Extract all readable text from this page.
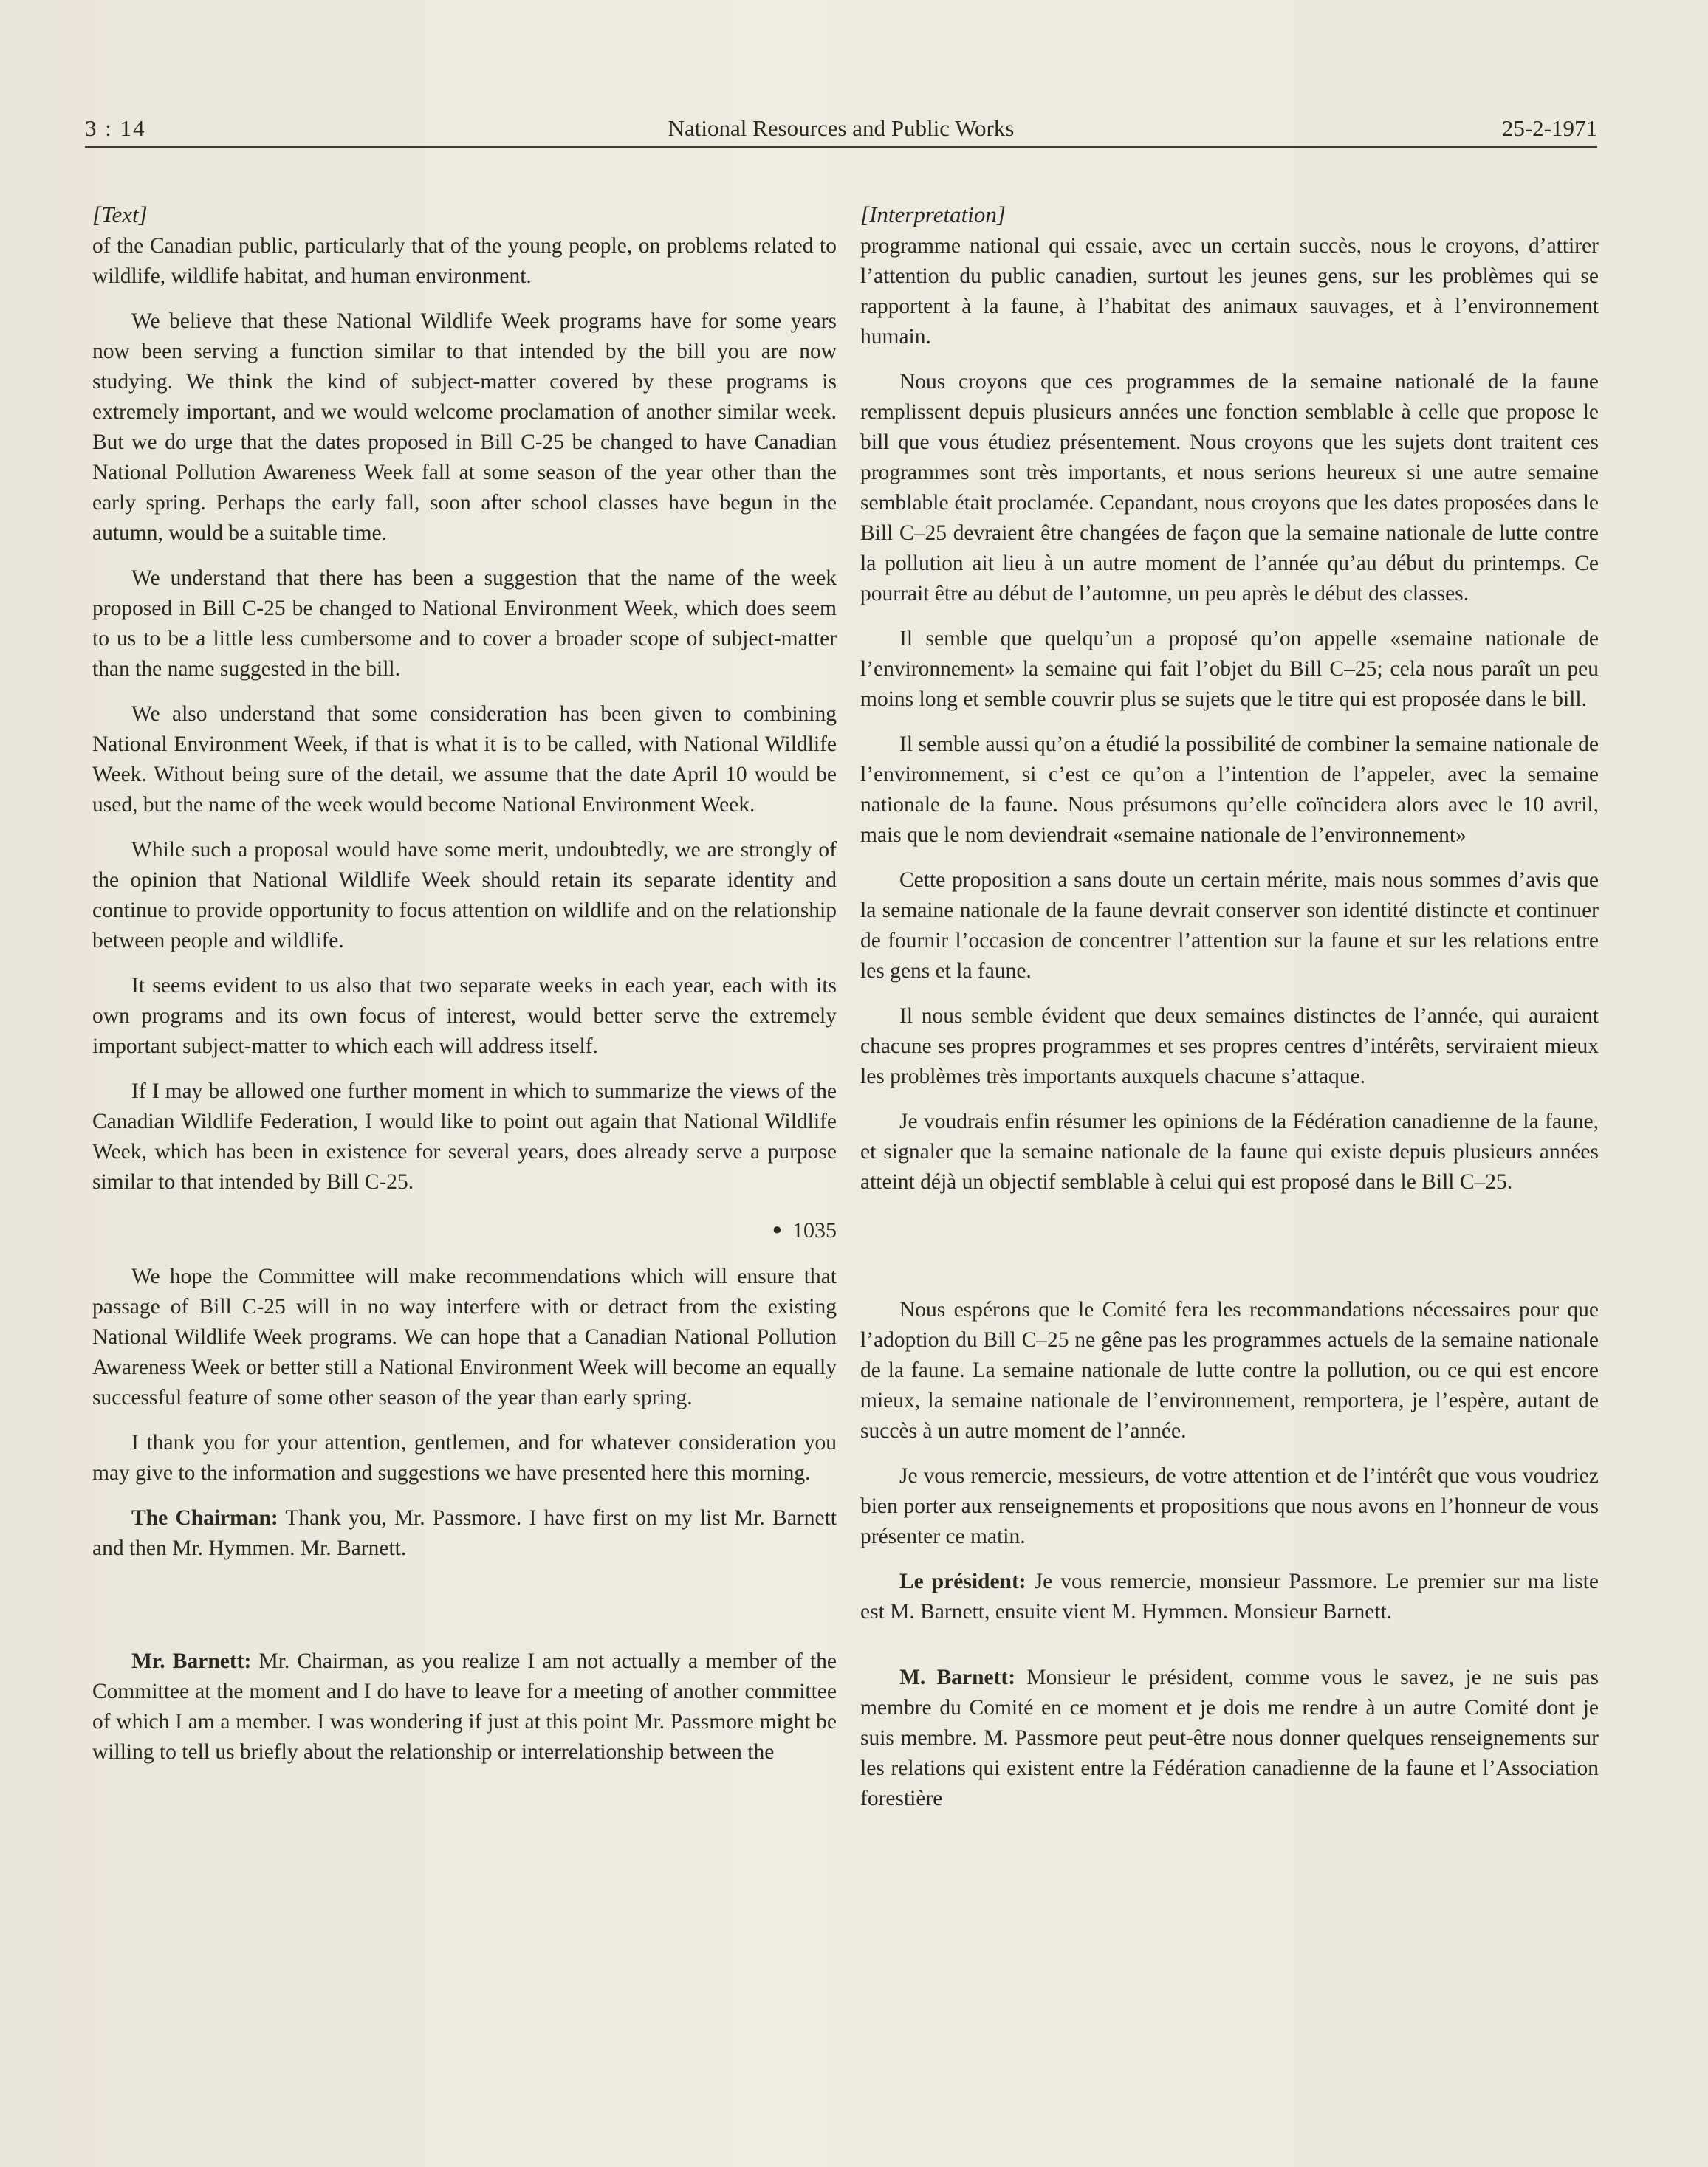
3 : 14	National Resources and Public Works	25-2-1971
[Text]

of the Canadian public, particularly that of the young people, on problems related to wildlife, wildlife habitat, and human environment.

We believe that these National Wildlife Week programs have for some years now been serving a function similar to that intended by the bill you are now studying. We think the kind of subject-matter covered by these programs is extremely important, and we would welcome proclamation of another similar week. But we do urge that the dates proposed in Bill C-25 be changed to have Canadian National Pollution Awareness Week fall at some season of the year other than the early spring. Perhaps the early fall, soon after school classes have begun in the autumn, would be a suitable time.

We understand that there has been a suggestion that the name of the week proposed in Bill C-25 be changed to National Environment Week, which does seem to us to be a little less cumbersome and to cover a broader scope of subject-matter than the name suggested in the bill.

We also understand that some consideration has been given to combining National Environment Week, if that is what it is to be called, with National Wildlife Week. Without being sure of the detail, we assume that the date April 10 would be used, but the name of the week would become National Environment Week.

While such a proposal would have some merit, undoubtedly, we are strongly of the opinion that National Wildlife Week should retain its separate identity and continue to provide opportunity to focus attention on wildlife and on the relationship between people and wildlife.

It seems evident to us also that two separate weeks in each year, each with its own programs and its own focus of interest, would better serve the extremely important subject-matter to which each will address itself.

If I may be allowed one further moment in which to summarize the views of the Canadian Wildlife Federation, I would like to point out again that National Wildlife Week, which has been in existence for several years, does already serve a purpose similar to that intended by Bill C-25.

● 1035

We hope the Committee will make recommendations which will ensure that passage of Bill C-25 will in no way interfere with or detract from the existing National Wildlife Week programs. We can hope that a Canadian National Pollution Awareness Week or better still a National Environment Week will become an equally successful feature of some other season of the year than early spring.

I thank you for your attention, gentlemen, and for whatever consideration you may give to the information and suggestions we have presented here this morning.

The Chairman: Thank you, Mr. Passmore. I have first on my list Mr. Barnett and then Mr. Hymmen. Mr. Barnett.

Mr. Barnett: Mr. Chairman, as you realize I am not actually a member of the Committee at the moment and I do have to leave for a meeting of another committee of which I am a member. I was wondering if just at this point Mr. Passmore might be willing to tell us briefly about the relationship or interrelationship between the

[Interpretation]

programme national qui essaie, avec un certain succès, nous le croyons, d’attirer l’attention du public canadien, surtout les jeunes gens, sur les problèmes qui se rapportent à la faune, à l’habitat des animaux sauvages, et à l’environnement humain.

Nous croyons que ces programmes de la semaine nationalé de la faune remplissent depuis plusieurs années une fonction semblable à celle que propose le bill que vous étudiez présentement. Nous croyons que les sujets dont traitent ces programmes sont très importants, et nous serions heureux si une autre semaine semblable était proclamée. Cepandant, nous croyons que les dates proposées dans le Bill C–25 devraient être changées de façon que la semaine nationale de lutte contre la pollution ait lieu à un autre moment de l’année qu’au début du printemps. Ce pourrait être au début de l’automne, un peu après le début des classes.

Il semble que quelqu’un a proposé qu’on appelle «semaine nationale de l’environnement» la semaine qui fait l’objet du Bill C–25; cela nous paraît un peu moins long et semble couvrir plus se sujets que le titre qui est proposée dans le bill.

Il semble aussi qu’on a étudié la possibilité de combiner la semaine nationale de l’environnement, si c’est ce qu’on a l’intention de l’appeler, avec la semaine nationale de la faune. Nous présumons qu’elle coïncidera alors avec le 10 avril, mais que le nom deviendrait «semaine nationale de l’environnement»

Cette proposition a sans doute un certain mérite, mais nous sommes d’avis que la semaine nationale de la faune devrait conserver son identité distincte et continuer de fournir l’occasion de concentrer l’attention sur la faune et sur les relations entre les gens et la faune.

Il nous semble évident que deux semaines distinctes de l’année, qui auraient chacune ses propres programmes et ses propres centres d’intérêts, serviraient mieux les problèmes très importants auxquels chacune s’attaque.

Je voudrais enfin résumer les opinions de la Fédération canadienne de la faune, et signaler que la semaine nationale de la faune qui existe depuis plusieurs années atteint déjà un objectif semblable à celui qui est proposé dans le Bill C–25.

Nous espérons que le Comité fera les recommandations nécessaires pour que l’adoption du Bill C–25 ne gêne pas les programmes actuels de la semaine nationale de la faune. La semaine nationale de lutte contre la pollution, ou ce qui est encore mieux, la semaine nationale de l’environnement, remportera, je l’espère, autant de succès à un autre moment de l’année.

Je vous remercie, messieurs, de votre attention et de l’intérêt que vous voudriez bien porter aux renseignements et propositions que nous avons en l’honneur de vous présenter ce matin.

Le président: Je vous remercie, monsieur Passmore. Le premier sur ma liste est M. Barnett, ensuite vient M. Hymmen. Monsieur Barnett.

M. Barnett: Monsieur le président, comme vous le savez, je ne suis pas membre du Comité en ce moment et je dois me rendre à un autre Comité dont je suis membre. M. Passmore peut peut-être nous donner quelques renseignements sur les relations qui existent entre la Fédération canadienne de la faune et l’Association forestière
